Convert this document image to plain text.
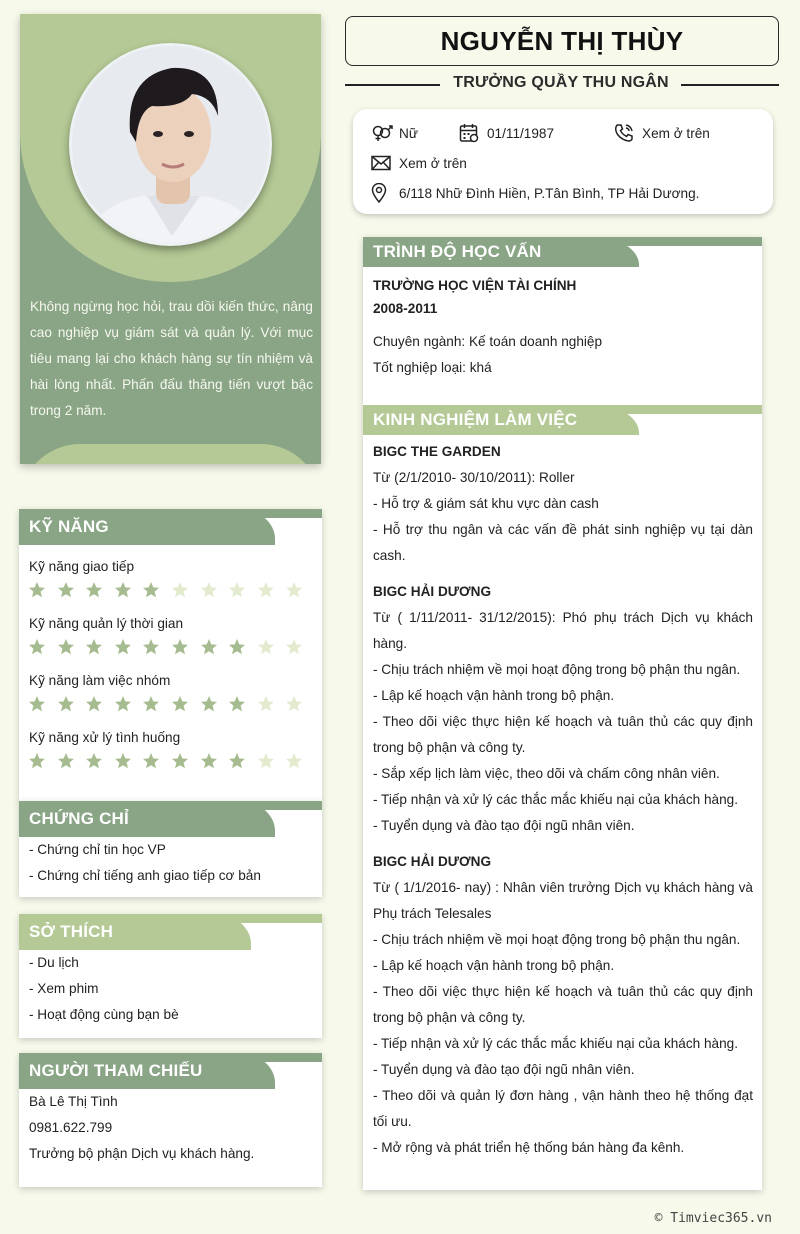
Không ngừng học hỏi, trau dồi kiến thức, nâng cao nghiệp vụ giám sát và quản lý. Với mục tiêu mang lại cho khách hàng sự tín nhiệm và hài lòng nhất. Phấn đấu thăng tiến vượt bậc trong 2 năm.
KỸ NĂNG
Kỹ năng giao tiếp
Kỹ năng quản lý thời gian
Kỹ năng làm việc nhóm
Kỹ năng xử lý tình huống
CHỨNG CHỈ
- Chứng chỉ tin học VP
- Chứng chỉ tiếng anh giao tiếp cơ bản
SỞ THÍCH
- Du lịch
- Xem phim
- Hoạt động cùng bạn bè
NGƯỜI THAM CHIẾU
Bà Lê Thị Tình
0981.622.799
Trưởng bộ phận Dịch vụ khách hàng.
NGUYỄN THỊ THÙY
TRƯỞNG QUẦY THU NGÂN
Nữ	01/11/1987	Xem ở trên
Xem ở trên
6/118 Nhữ Đình Hiền, P.Tân Bình, TP Hải Dương.
TRÌNH ĐỘ HỌC VẤN
TRƯỜNG HỌC VIỆN TÀI CHÍNH
2008-2011
Chuyên ngành: Kế toán doanh nghiệp
Tốt nghiệp loại: khá
KINH NGHIỆM LÀM VIỆC
BIGC THE GARDEN
Từ (2/1/2010- 30/10/2011): Roller
- Hỗ trợ & giám sát khu vực dàn cash
- Hỗ trợ thu ngân và các vấn đề phát sinh nghiệp vụ tại dàn cash.
BIGC HẢI DƯƠNG
Từ ( 1/11/2011- 31/12/2015): Phó phụ trách Dịch vụ khách hàng.
- Chịu trách nhiệm về mọi hoạt động trong bộ phận thu ngân.
- Lập kế hoạch vận hành trong bộ phận.
- Theo dõi việc thực hiện kế hoạch và tuân thủ các quy định trong bộ phận và công ty.
- Sắp xếp lịch làm việc, theo dõi và chấm công nhân viên.
- Tiếp nhận và xử lý các thắc mắc khiếu nại của khách hàng.
- Tuyển dụng và đào tạo đội ngũ nhân viên.
BIGC HẢI DƯƠNG
Từ ( 1/1/2016- nay) : Nhân viên trưởng Dịch vụ khách hàng và Phụ trách Telesales
- Chịu trách nhiệm về mọi hoạt động trong bộ phận thu ngân.
- Lập kế hoạch vận hành trong bộ phận.
- Theo dõi việc thực hiện kế hoạch và tuân thủ các quy định trong bộ phận và công ty.
- Tiếp nhận và xử lý các thắc mắc khiếu nại của khách hàng.
- Tuyển dụng và đào tạo đội ngũ nhân viên.
- Theo dõi và quản lý đơn hàng , vận hành theo hệ thống đạt tối ưu.
- Mở rộng và phát triển hệ thống bán hàng đa kênh.
© Timviec365.vn
